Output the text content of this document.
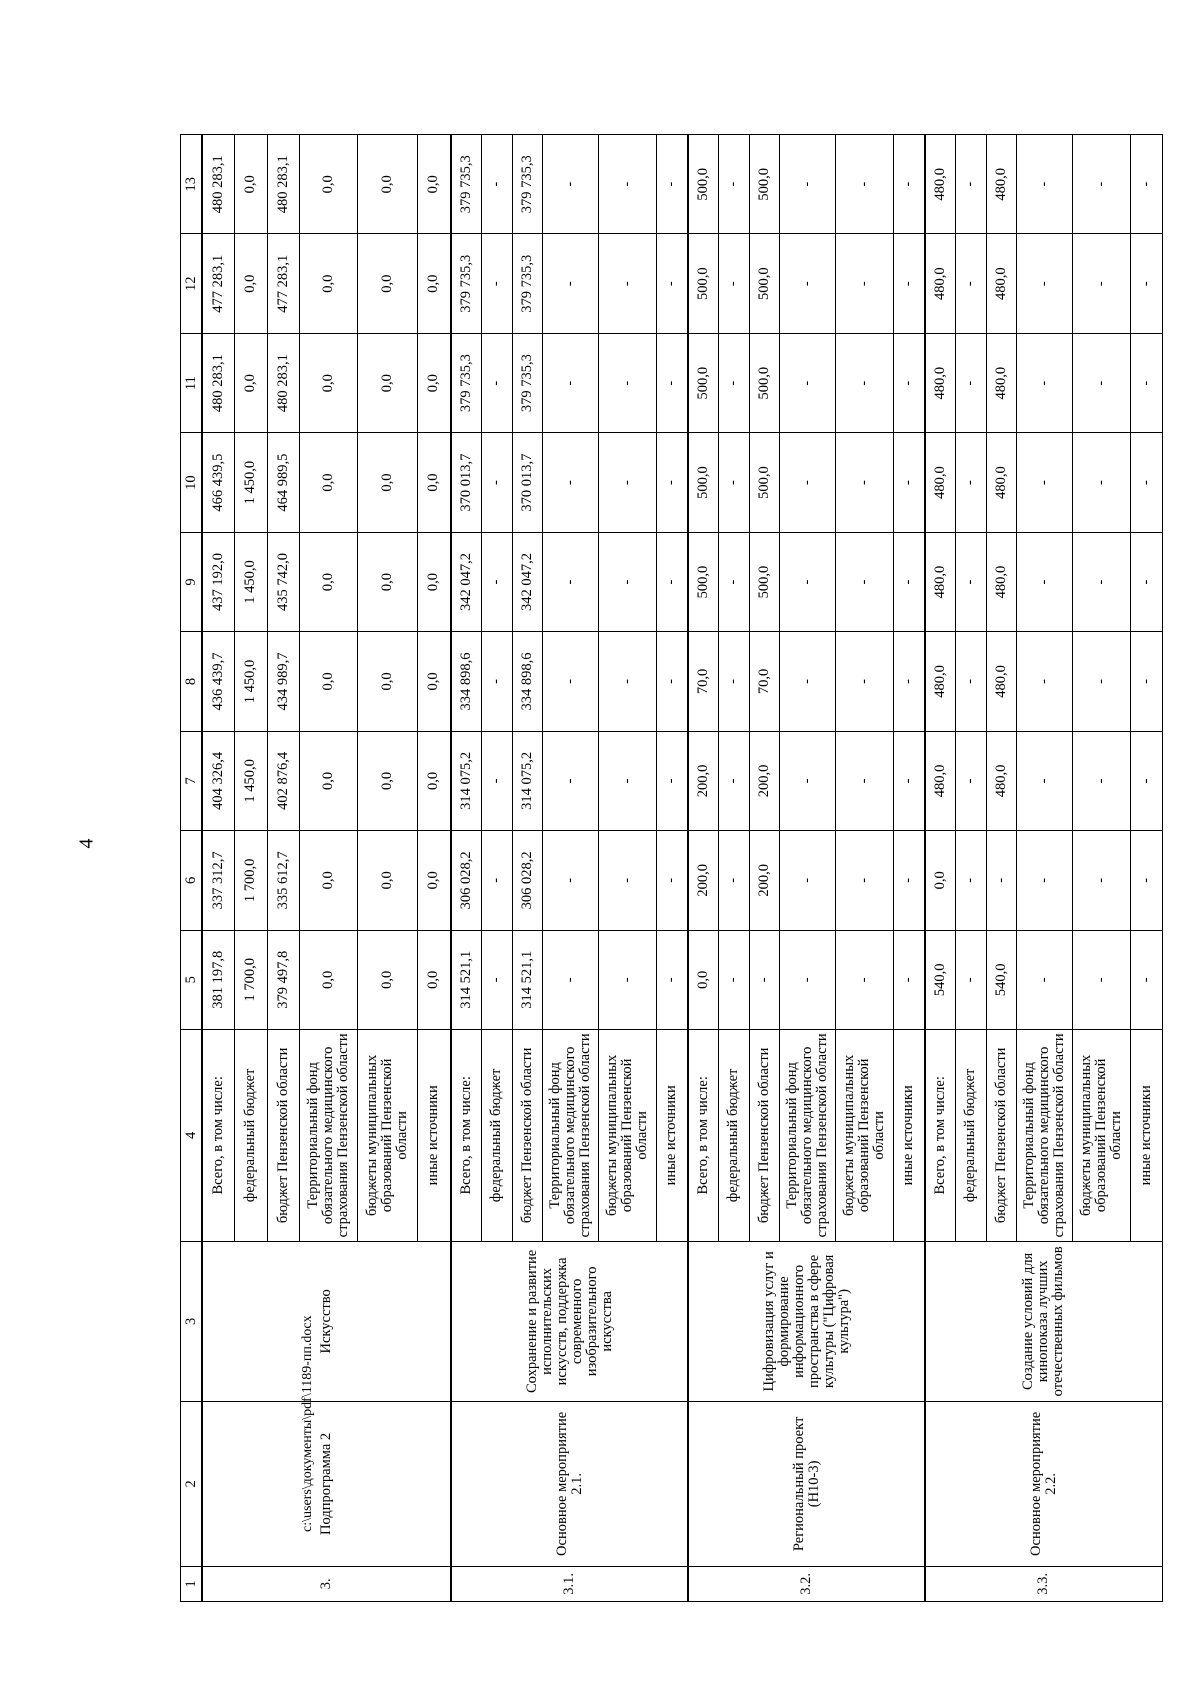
4
c:\users\документы\pdf\1189-пп.docx
1	2	3	4	5	6	7	8	9	10	11	12	13
3.	Подпрограмма 2	Искусство	Всего, в том числе:	381 197,8	337 312,7	404 326,4	436 439,7	437 192,0	466 439,5	480 283,1	477 283,1	480 283,1
			федеральный бюджет	1 700,0	1 700,0	1 450,0	1 450,0	1 450,0	1 450,0	0,0	0,0	0,0
			бюджет Пензенской области	379 497,8	335 612,7	402 876,4	434 989,7	435 742,0	464 989,5	480 283,1	477 283,1	480 283,1
			Территориальный фонд обязательного медицинского страхования Пензенской области	0,0	0,0	0,0	0,0	0,0	0,0	0,0	0,0	0,0
			бюджеты муниципальных образований Пензенской области	0,0	0,0	0,0	0,0	0,0	0,0	0,0	0,0	0,0
			иные источники	0,0	0,0	0,0	0,0	0,0	0,0	0,0	0,0	0,0
3.1.	Основное мероприятие 2.1.	Сохранение и развитие исполнительских искусств, поддержка современного изобразительного искусства	Всего, в том числе:	314 521,1	306 028,2	314 075,2	334 898,6	342 047,2	370 013,7	379 735,3	379 735,3	379 735,3
			федеральный бюджет	-	-	-	-	-	-	-	-	-
			бюджет Пензенской области	314 521,1	306 028,2	314 075,2	334 898,6	342 047,2	370 013,7	379 735,3	379 735,3	379 735,3
			Территориальный фонд обязательного медицинского страхования Пензенской области	-	-	-	-	-	-	-	-	-
			бюджеты муниципальных образований Пензенской области	-	-	-	-	-	-	-	-	-
			иные источники	-	-	-	-	-	-	-	-	-
3.2.	Региональный проект (Н10-3)	Цифровизация услуг и формирование информационного пространства в сфере культуры ("Цифровая культура")	Всего, в том числе:	0,0	200,0	200,0	70,0	500,0	500,0	500,0	500,0	500,0
			федеральный бюджет	-	-	-	-	-	-	-	-	-
			бюджет Пензенской области	-	200,0	200,0	70,0	500,0	500,0	500,0	500,0	500,0
			Территориальный фонд обязательного медицинского страхования Пензенской области	-	-	-	-	-	-	-	-	-
			бюджеты муниципальных образований Пензенской области	-	-	-	-	-	-	-	-	-
			иные источники	-	-	-	-	-	-	-	-	-
3.3.	Основное мероприятие 2.2.	Создание условий для кинопоказа лучших отечественных фильмов	Всего, в том числе:	540,0	0,0	480,0	480,0	480,0	480,0	480,0	480,0	480,0
			федеральный бюджет	-	-	-	-	-	-	-	-	-
			бюджет Пензенской области	540,0	-	480,0	480,0	480,0	480,0	480,0	480,0	480,0
			Территориальный фонд обязательного медицинского страхования Пензенской области	-	-	-	-	-	-	-	-	-
			бюджеты муниципальных образований Пензенской области	-	-	-	-	-	-	-	-	-
			иные источники	-	-	-	-	-	-	-	-	-
